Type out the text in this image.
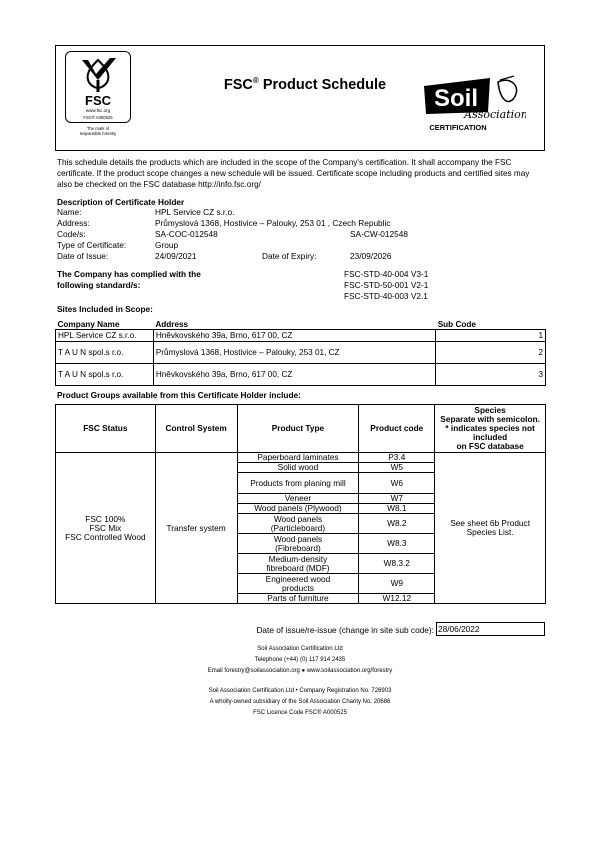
FSC
www.fsc.org
FSC® A000525
The mark of
responsible forestry
FSC® Product Schedule
Soil
Association
CERTIFICATION
This schedule details the products which are included in the scope of the Company's certification. It shall accompany the FSC certificate. If the product scope changes a new schedule will be issued. Certificate scope including products and certified sites may also be checked on the FSC database http://info.fsc.org/
Description of Certificate Holder
Name:	HPL Service CZ s.r.o.
Address:	Průmyslová 1368, Hostivice – Palouky, 253 01 , Czech Republic
Code/s:	SA-COC-012548	SA-CW-012548
Type of Certificate:	Group
Date of Issue:	24/09/2021	Date of Expiry:	23/09/2026
The Company has complied with the
following standard/s:
FSC-STD-40-004 V3-1
FSC-STD-50-001 V2-1
FSC-STD-40-003 V2.1
Sites Included in Scope:
Company Name	Address	Sub Code
HPL Service CZ s.r.o.	Hněvkovského 39a, Brno, 617 00, CZ	1
T A U N spol.s r.o.	Průmyslová 1368, Hostivice – Palouky, 253 01, CZ	2
T A U N spol.s r.o.	Hněvkovského 39a, Brno, 617 00, CZ	3
Product Groups available from this Certificate Holder include:
FSC Status	Control System	Product Type	Product code	Species
Separate with semicolon.
* indicates species not included
on FSC database
FSC 100%
FSC Mix
FSC Controlled Wood	Transfer system	Paperboard laminates	P3.4	See sheet 6b Product Species List.

		Solid wood	W5	
		Products from planing mill	W6	
		Veneer	W7	
		Wood panels (Plywood)	W8.1	
		Wood panels (Particleboard)	W8.2	
		Wood panels (Fibreboard)	W8.3	
		Medium-density fibreboard (MDF)	W8.3.2	
		Engineered wood products	W9	
		Parts of furniture	W12.12	
Date of issue/re-issue (change in site sub code): 28/06/2022
Soil Association Certification Ltd
Telephone (+44) (0) 117 914 2435
Email forestry@soilassociation.org ● www.soilassociation.org/forestry
Soil Association Certification Ltd • Company Registration No. 726903
A wholly-owned subsidiary of the Soil Association Charity No. 20686
FSC Licence Code FSC® A000525
